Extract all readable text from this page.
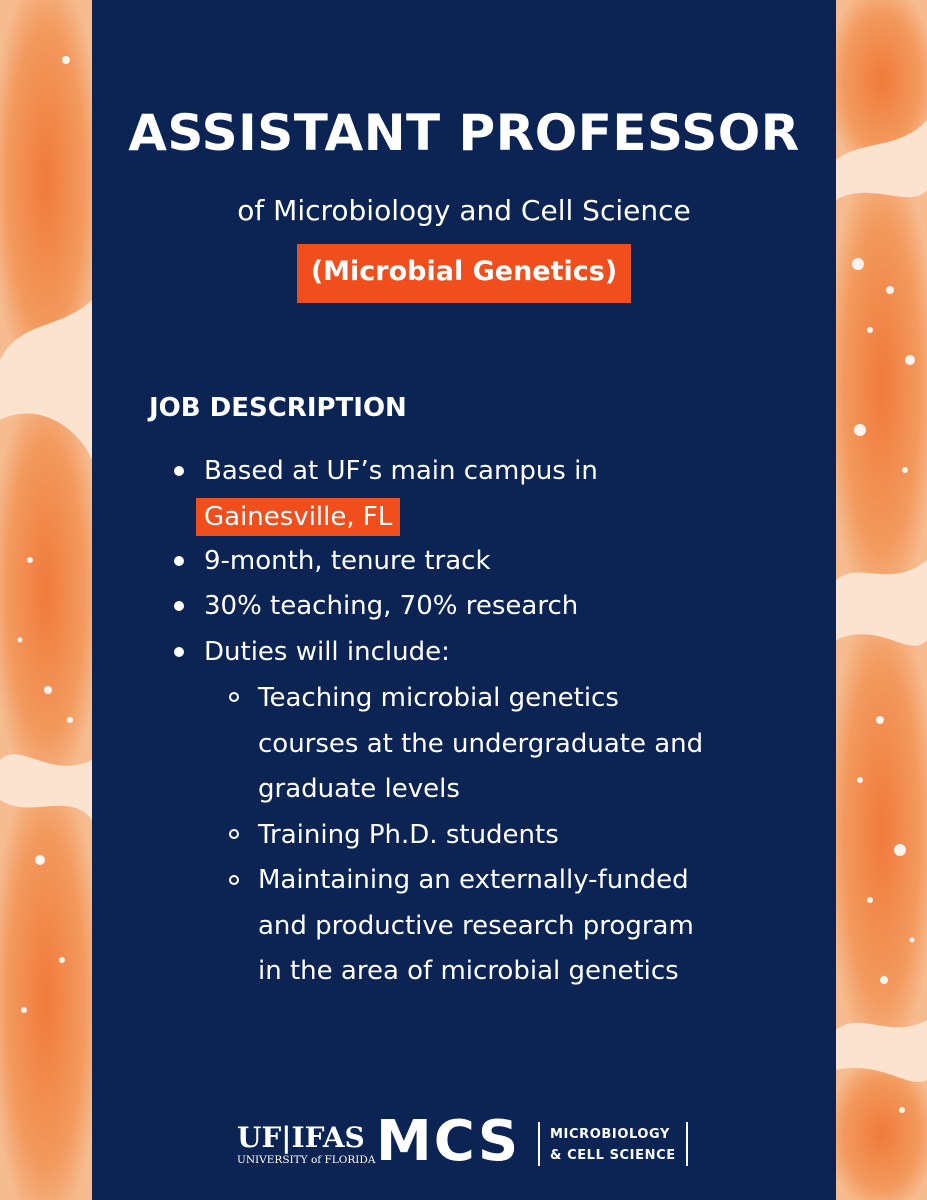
ASSISTANT PROFESSOR
of Microbiology and Cell Science
(Microbial Genetics)
JOB DESCRIPTION
Based at UF’s main campus in
Gainesville, FL
9-month, tenure track
30% teaching, 70% research
Duties will include:
Teaching microbial genetics
courses at the undergraduate and
graduate levels
Training Ph.D. students
Maintaining an externally-funded
and productive research program
in the area of microbial genetics
UF|IFAS
UNIVERSITY of FLORIDA MCS MICROBIOLOGY
& CELL SCIENCE
